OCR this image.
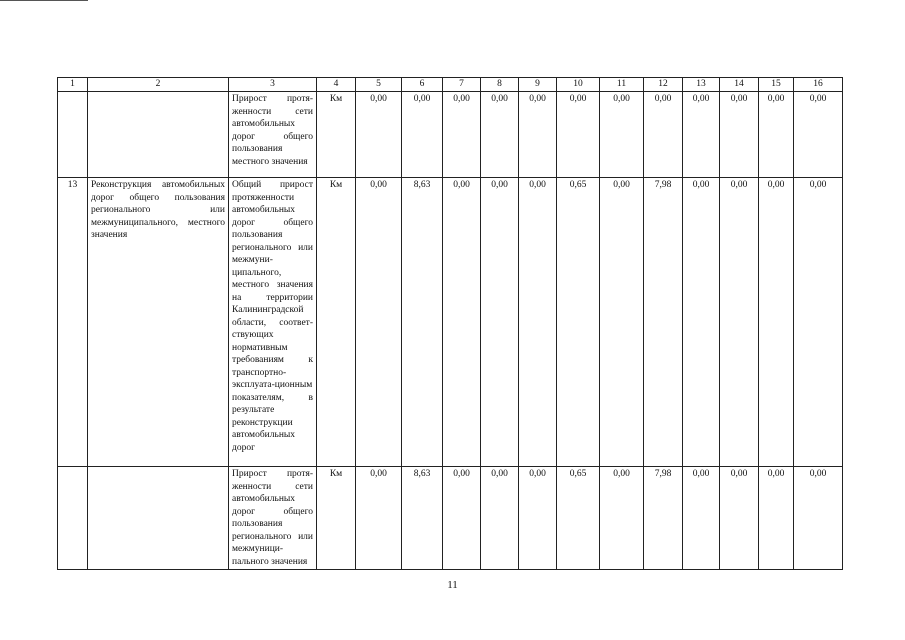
1	2	3	4	5	6	7	8	9	10	11	12	13	14	15	16
		Прирост протя-женности сети автомобильных дорог общего пользования местного значения	Км	0,00	0,00	0,00	0,00	0,00	0,00	0,00	0,00	0,00	0,00	0,00	0,00
13	Реконструкция автомобильных дорог общего пользования регионального или межмуниципального, местного значения	Общий прирост протяженности автомобильных дорог общего пользования регионального или межмуни-ципального, местного значения на территории Калининградской области, соответ-ствующих нормативным требованиям к транспортно-эксплуата-ционным показателям, в результате реконструкции автомобильных дорог	Км	0,00	8,63	0,00	0,00	0,00	0,65	0,00	7,98	0,00	0,00	0,00	0,00
		Прирост протя-женности сети автомобильных дорог общего пользования регионального или межмуници-пального значения	Км	0,00	8,63	0,00	0,00	0,00	0,65	0,00	7,98	0,00	0,00	0,00	0,00
11
